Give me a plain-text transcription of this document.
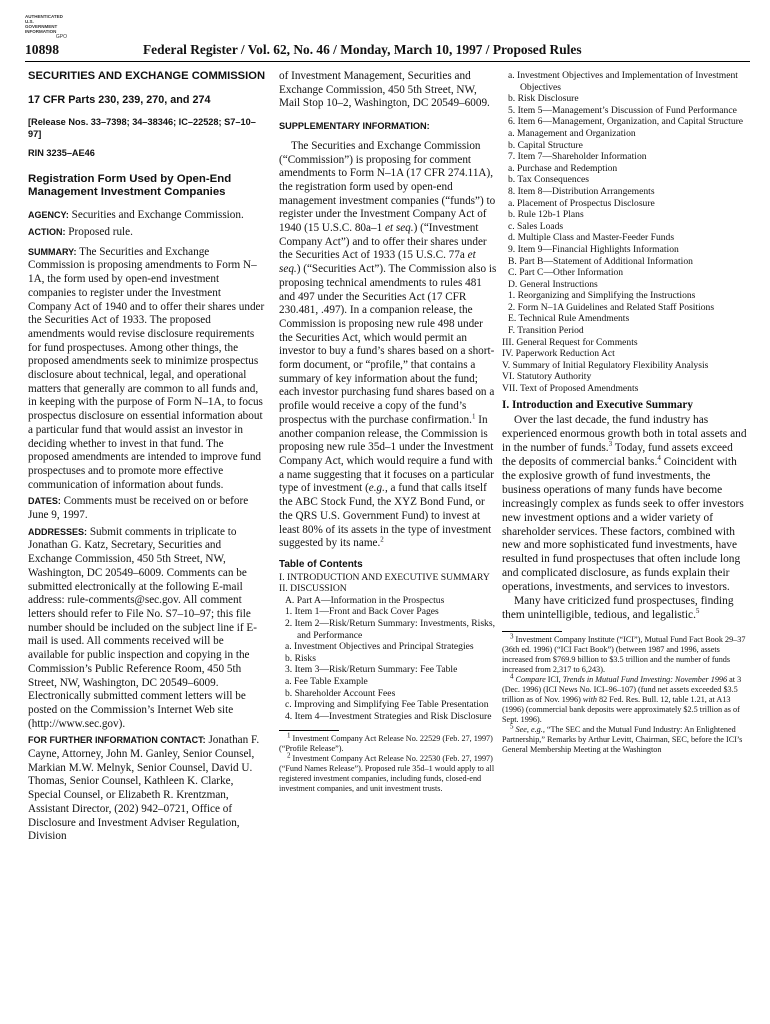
AUTHENTICATED
U.S. GOVERNMENT
INFORMATION
GPO
10898	Federal Register / Vol. 62, No. 46 / Monday, March 10, 1997 / Proposed Rules
SECURITIES AND EXCHANGE COMMISSION
17 CFR Parts 230, 239, 270, and 274
[Release Nos. 33–7398; 34–38346; IC–22528; S7–10–97]
RIN 3235–AE46
Registration Form Used by Open-End Management Investment Companies
AGENCY: Securities and Exchange Commission.
ACTION: Proposed rule.
SUMMARY: The Securities and Exchange Commission is proposing amendments to Form N–1A, the form used by open-end investment companies to register under the Investment Company Act of 1940 and to offer their shares under the Securities Act of 1933. The proposed amendments would revise disclosure requirements for fund prospectuses. Among other things, the proposed amendments seek to minimize prospectus disclosure about technical, legal, and operational matters that generally are common to all funds and, in keeping with the purpose of Form N–1A, to focus prospectus disclosure on essential information about a particular fund that would assist an investor in deciding whether to invest in that fund. The proposed amendments are intended to improve fund prospectuses and to promote more effective communication of information about funds.
DATES: Comments must be received on or before June 9, 1997.
ADDRESSES: Submit comments in triplicate to Jonathan G. Katz, Secretary, Securities and Exchange Commission, 450 5th Street, NW, Washington, DC 20549–6009. Comments can be submitted electronically at the following E-mail address: rule-comments@sec.gov. All comment letters should refer to File No. S7–10–97; this file number should be included on the subject line if E-mail is used. All comments received will be available for public inspection and copying in the Commission’s Public Reference Room, 450 5th Street, NW, Washington, DC 20549–6009. Electronically submitted comment letters will be posted on the Commission’s Internet Web site (http://www.sec.gov).
FOR FURTHER INFORMATION CONTACT: Jonathan F. Cayne, Attorney, John M. Ganley, Senior Counsel, Markian M.W. Melnyk, Senior Counsel, David U. Thomas, Senior Counsel, Kathleen K. Clarke, Special Counsel, or Elizabeth R. Krentzman, Assistant Director, (202) 942–0721, Office of Disclosure and Investment Adviser Regulation, Division
of Investment Management, Securities and Exchange Commission, 450 5th Street, NW, Mail Stop 10–2, Washington, DC 20549–6009.
SUPPLEMENTARY INFORMATION:
The Securities and Exchange Commission (“Commission”) is proposing for comment amendments to Form N–1A (17 CFR 274.11A), the registration form used by open-end management investment companies (“funds”) to register under the Investment Company Act of 1940 (15 U.S.C. 80a–1 et seq.) (“Investment Company Act”) and to offer their shares under the Securities Act of 1933 (15 U.S.C. 77a et seq.) (“Securities Act”). The Commission also is proposing technical amendments to rules 481 and 497 under the Securities Act (17 CFR 230.481, .497). In a companion release, the Commission is proposing new rule 498 under the Securities Act, which would permit an investor to buy a fund’s shares based on a short-form document, or “profile,” that contains a summary of key information about the fund; each investor purchasing fund shares based on a profile would receive a copy of the fund’s prospectus with the purchase confirmation.$^1$ In another companion release, the Commission is proposing new rule 35d–1 under the Investment Company Act, which would require a fund with a name suggesting that it focuses on a particular type of investment (e.g., a fund that calls itself the ABC Stock Fund, the XYZ Bond Fund, or the QRS U.S. Government Fund) to invest at least 80% of its assets in the type of investment suggested by its name.$^2$
Table of Contents
I. INTRODUCTION AND EXECUTIVE SUMMARY
II. DISCUSSION
A. Part A—Information in the Prospectus
1. Item 1—Front and Back Cover Pages
2. Item 2—Risk/Return Summary: Investments, Risks, and Performance
a. Investment Objectives and Principal Strategies
b. Risks
3. Item 3—Risk/Return Summary: Fee Table
a. Fee Table Example
b. Shareholder Account Fees
c. Improving and Simplifying Fee Table Presentation
4. Item 4—Investment Strategies and Risk Disclosure
$^1$ Investment Company Act Release No. 22529 (Feb. 27, 1997) (“Profile Release”).
$^2$ Investment Company Act Release No. 22530 (Feb. 27, 1997) (“Fund Names Release”). Proposed rule 35d–1 would apply to all registered investment companies, including funds, closed-end investment companies, and unit investment trusts.
a. Investment Objectives and Implementation of Investment Objectives
b. Risk Disclosure
5. Item 5—Management’s Discussion of Fund Performance
6. Item 6—Management, Organization, and Capital Structure
a. Management and Organization
b. Capital Structure
7. Item 7—Shareholder Information
a. Purchase and Redemption
b. Tax Consequences
8. Item 8—Distribution Arrangements
a. Placement of Prospectus Disclosure
b. Rule 12b-1 Plans
c. Sales Loads
d. Multiple Class and Master-Feeder Funds
9. Item 9—Financial Highlights Information
B. Part B—Statement of Additional Information
C. Part C—Other Information
D. General Instructions
1. Reorganizing and Simplifying the Instructions
2. Form N–1A Guidelines and Related Staff Positions
E. Technical Rule Amendments
F. Transition Period
III. General Request for Comments
IV. Paperwork Reduction Act
V. Summary of Initial Regulatory Flexibility Analysis
VI. Statutory Authority
VII. Text of Proposed Amendments
I. Introduction and Executive Summary
Over the last decade, the fund industry has experienced enormous growth both in total assets and in the number of funds.$^3$ Today, fund assets exceed the deposits of commercial banks.$^4$ Coincident with the explosive growth of fund investments, the business operations of many funds have become increasingly complex as funds seek to offer investors new investment options and a wider variety of shareholder services. These factors, combined with new and more sophisticated fund investments, have resulted in fund prospectuses that often include long and complicated disclosure, as funds explain their operations, investments, and services to investors.
Many have criticized fund prospectuses, finding them unintelligible, tedious, and legalistic.$^5$
$^3$ Investment Company Institute (“ICI”), Mutual Fund Fact Book 29–37 (36th ed. 1996) (“ICI Fact Book”) (between 1987 and 1996, assets increased from $769.9 billion to $3.5 trillion and the number of funds increased from 2,317 to 6,243).
$^4$ Compare ICI, Trends in Mutual Fund Investing: November 1996 at 3 (Dec. 1996) (ICI News No. ICI–96–107) (fund net assets exceeded $3.5 trillion as of Nov. 1996) with 82 Fed. Res. Bull. 12, table 1.21, at A13 (1996) (commercial bank deposits were approximately $2.5 trillion as of Sept. 1996).
$^5$ See, e.g., “The SEC and the Mutual Fund Industry: An Enlightened Partnership,” Remarks by Arthur Levitt, Chairman, SEC, before the ICI’s General Membership Meeting at the Washington
